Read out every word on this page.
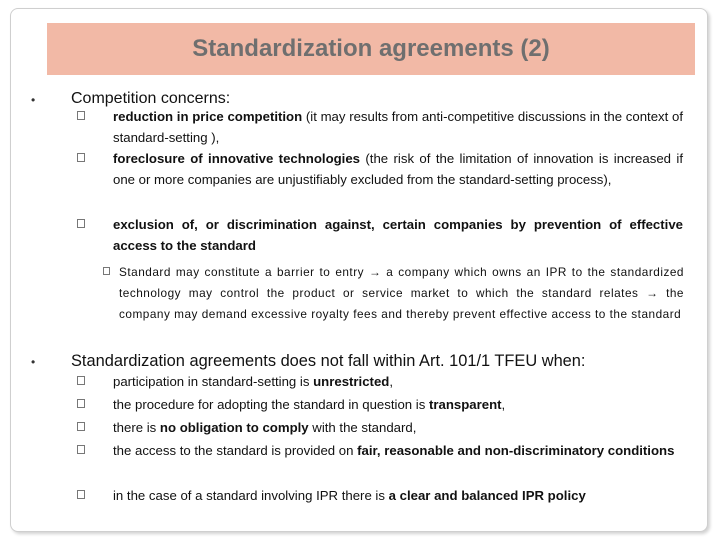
Standardization agreements (2)
• Competition concerns:
reduction in price competition (it may results from anti-competitive discussions in the context of standard-setting ),
foreclosure of innovative technologies (the risk of the limitation of innovation is increased if one or more companies are unjustifiably excluded from the standard-setting process),
exclusion of, or discrimination against, certain companies by prevention of effective access to the standard
Standard may constitute a barrier to entry → a company which owns an IPR to the standardized technology may control the product or service market to which the standard relates → the company may demand excessive royalty fees and thereby prevent effective access to the standard
• Standardization agreements does not fall within Art. 101/1 TFEU when:
participation in standard-setting is unrestricted,
the procedure for adopting the standard in question is transparent,
there is no obligation to comply with the standard,
the access to the standard is provided on fair, reasonable and non-discriminatory conditions
in the case of a standard involving IPR there is a clear and balanced IPR policy
